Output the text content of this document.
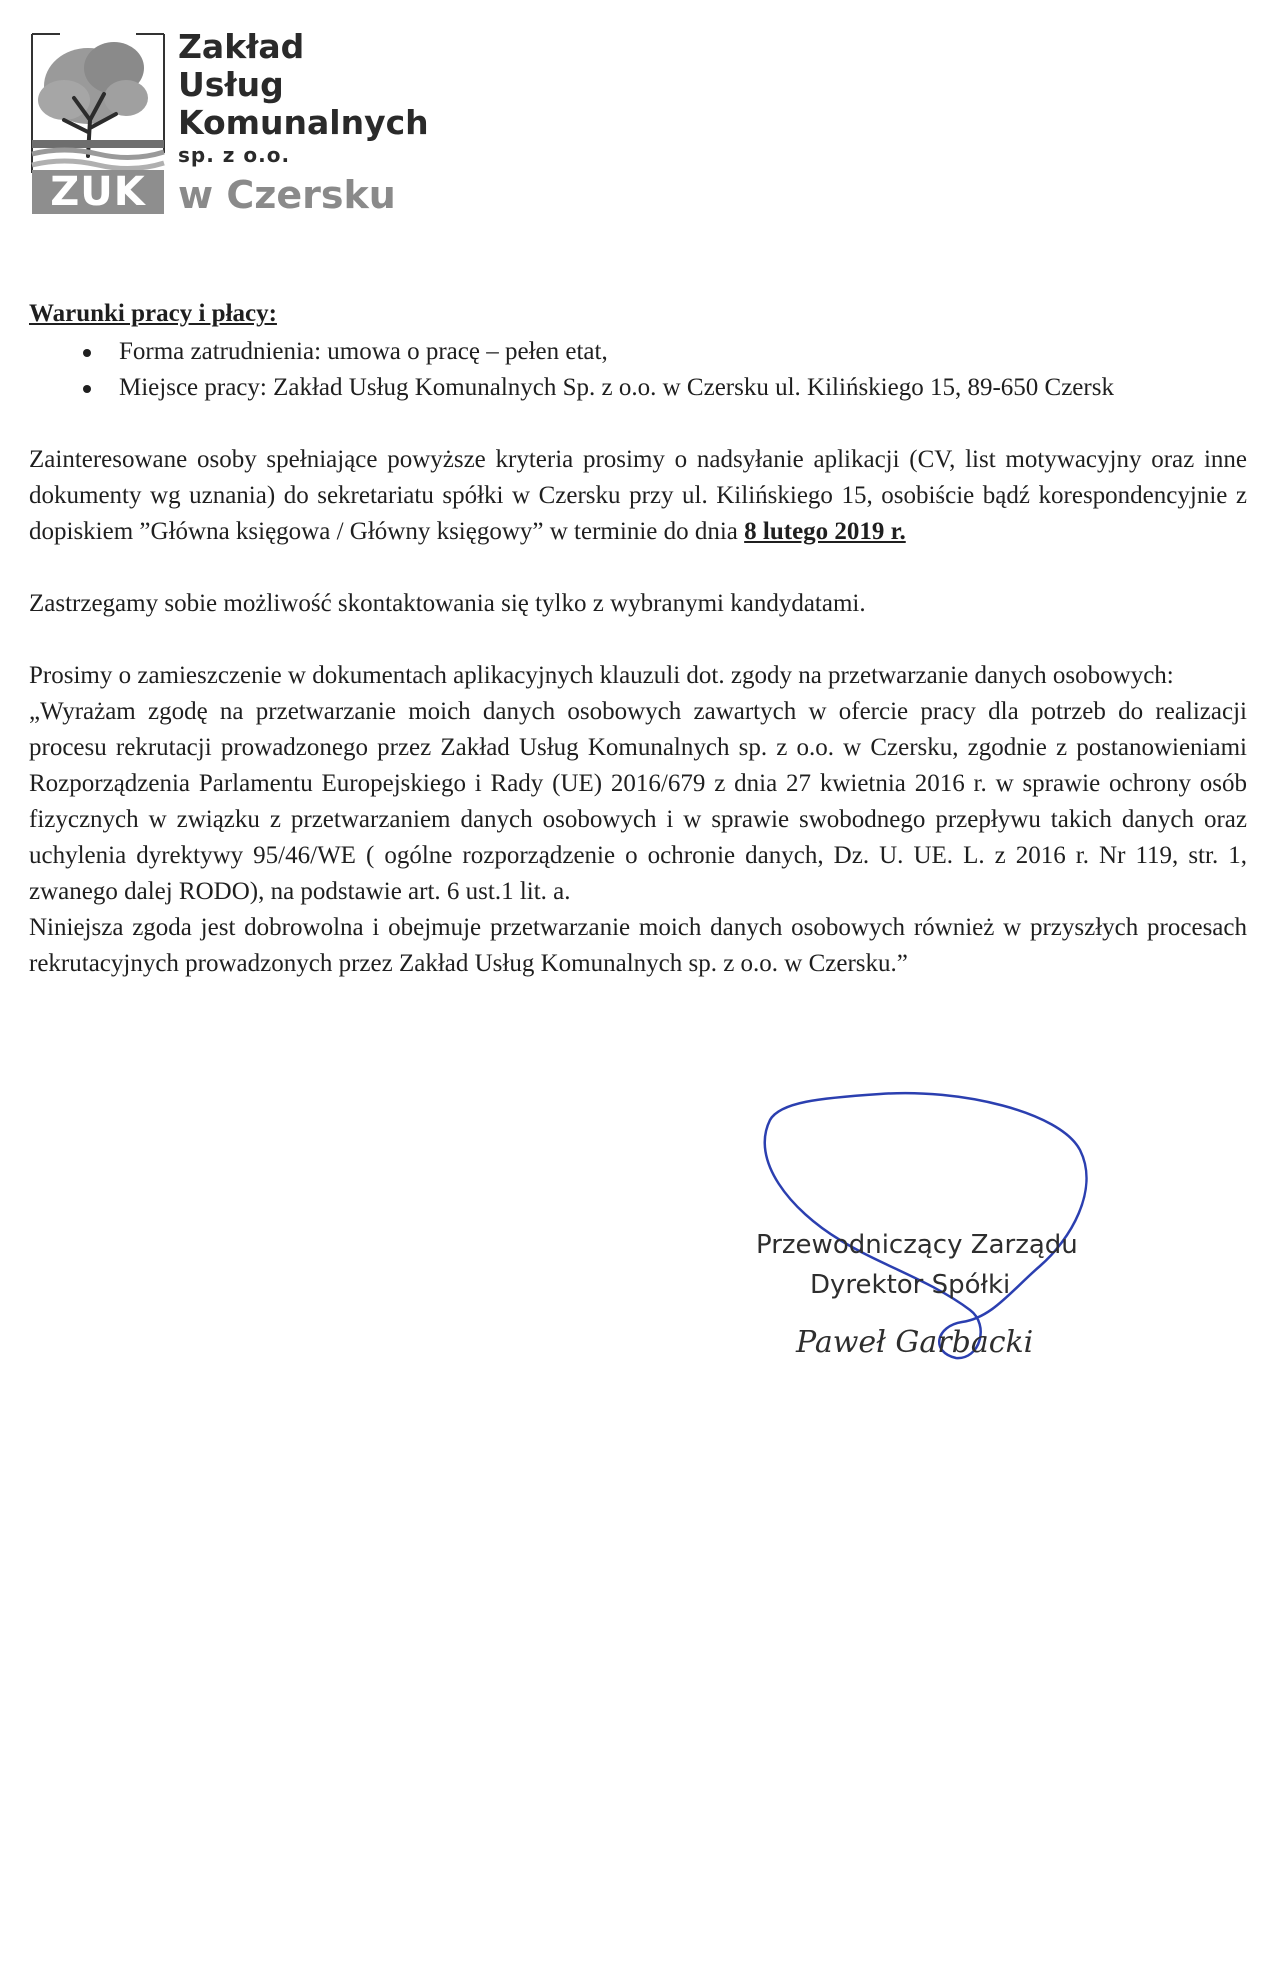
ZUK
Zakład
Usług
Komunalnych
sp. z o.o.
w Czersku
Warunki pracy i płacy:
Forma zatrudnienia: umowa o pracę – pełen etat,
Miejsce pracy: Zakład Usług Komunalnych Sp. z o.o. w Czersku ul. Kilińskiego 15, 89-650 Czersk

Zainteresowane osoby spełniające powyższe kryteria prosimy o nadsyłanie aplikacji (CV, list motywacyjny oraz inne dokumenty wg uznania) do sekretariatu spółki w Czersku przy ul. Kilińskiego 15, osobiście bądź korespondencyjnie z dopiskiem ”Główna księgowa / Główny księgowy” w terminie do dnia 8 lutego 2019 r.

Zastrzegamy sobie możliwość skontaktowania się tylko z wybranymi kandydatami.

Prosimy o zamieszczenie w dokumentach aplikacyjnych klauzuli dot. zgody na przetwarzanie danych osobowych:

„Wyrażam zgodę na przetwarzanie moich danych osobowych zawartych w ofercie pracy dla potrzeb do realizacji procesu rekrutacji prowadzonego przez Zakład Usług Komunalnych sp. z o.o. w Czersku, zgodnie z postanowieniami Rozporządzenia Parlamentu Europejskiego i Rady (UE) 2016/679 z dnia 27 kwietnia 2016 r. w sprawie ochrony osób fizycznych w związku z przetwarzaniem danych osobowych i w sprawie swobodnego przepływu takich danych oraz uchylenia dyrektywy 95/46/WE ( ogólne rozporządzenie o ochronie danych, Dz. U. UE. L. z 2016 r. Nr 119, str. 1, zwanego dalej RODO), na podstawie art. 6 ust.1 lit. a.

Niniejsza zgoda jest dobrowolna i obejmuje przetwarzanie moich danych osobowych również w przyszłych procesach rekrutacyjnych prowadzonych przez Zakład Usług Komunalnych sp. z o.o. w Czersku.”

Przewodniczący Zarządu
Dyrektor Spółki
Paweł Garbacki
